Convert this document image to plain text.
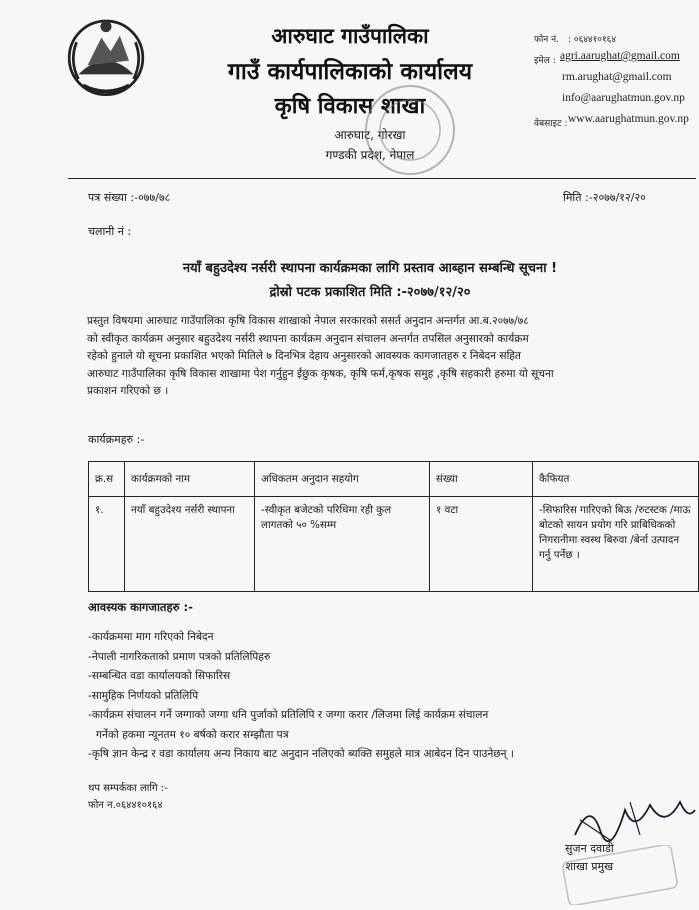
आरुघाट गाउँपालिका
गाउँ कार्यपालिकाको कार्यालय
कृषि विकास शाखा
आरुघाट, गोरखा
गण्डकी प्रदेश, नेपाल
फोन नं. : ०६४४१०१६४
इमेल : agri.aarughat@gmail.com
rm.arughat@gmail.com
info@aarughatmun.gov.np
वेबसाइट : www.aarughatmun.gov.np
पत्र संख्या :-०७७/७८	मिति :-२०७७/१२/२०
चलानी नं :
नयाँ बहुउदेश्य नर्सरी स्थापना कार्यक्रमका लागि प्रस्ताव आब्हान सम्बन्धि सूचना !
द्रोस्रो पटक प्रकाशित मिति :-२०७७/१२/२०
प्रस्तुत विषयमा आरुघाट गाउँपालिका कृषि विकास शाखाको नेपाल सरकारको ससर्त अनुदान अन्तर्गत आ.ब.२०७७/७८
को स्वीकृत कार्यक्रम अनुसार बहुउदेश्य नर्सरी स्थापना कार्यक्रम अनुदान संचालन अन्तर्गत तपसिल अनुसारको कार्यक्रम
रहेको हुनाले यो सूचना प्रकाशित भएको मितिले ७ दिनभित्र देहाय अनुसारको आवस्यक कागजातहरु र निबेदन सहित
आरुघाट गाउँपालिका कृषि विकास शाखामा पेश गर्नुहुन ईछुक कृषक, कृषि फर्म,कृषक समुह ,कृषि सहकारी हरुमा यो सूचना
प्रकाशन गरिएको छ ।
कार्यक्रमहरु :-
क्र.स	कार्यक्रमको नाम	अधिकतम अनुदान सहयोग	संख्या	कैफियत
१.	नयाँ बहुउदेश्य नर्सरी स्थापना	-स्वीकृत बजेटको परिधिमा रही कुल लागतको ५० %सम्म	१ वटा	-सिफारिस गारिएको बिऊ /रुटस्टक /माऊ बोटको सायन प्रयोग गरि प्राबिधिकको निगरानीमा स्वस्थ बिरुवा /बेर्ना उत्पादन गर्नु पर्नेछ ।
आवस्यक कागजातहरु :-
-कार्यक्रममा माग गरिएको निबेदन
-नेपाली नागरिकताको प्रमाण पत्रको प्रतिलिपिहरु
-सम्बन्धित वडा कार्यालयको सिफारिस
-सामुहिक निर्णयको प्रतिलिपि
-कार्यक्रम संचालन गर्ने जग्गाको जग्गा धनि पुर्जाको प्रतिलिपि र जग्गा करार /लिजमा लिई कार्यक्रम संचालन
गर्नेको हकमा न्यूनतम १० बर्षको करार सम्झौता पत्र
-कृषि ज्ञान केन्द्र र वडा कार्यालय अन्य निकाय बाट अनुदान नलिएको ब्यक्ति समुहले मात्र आबेदन दिन पाउनेछन् ।
थप सम्पर्कका लागि :-
फोन न.०६४४१०१६४
सुजन दवाडी
शाखा प्रमुख
